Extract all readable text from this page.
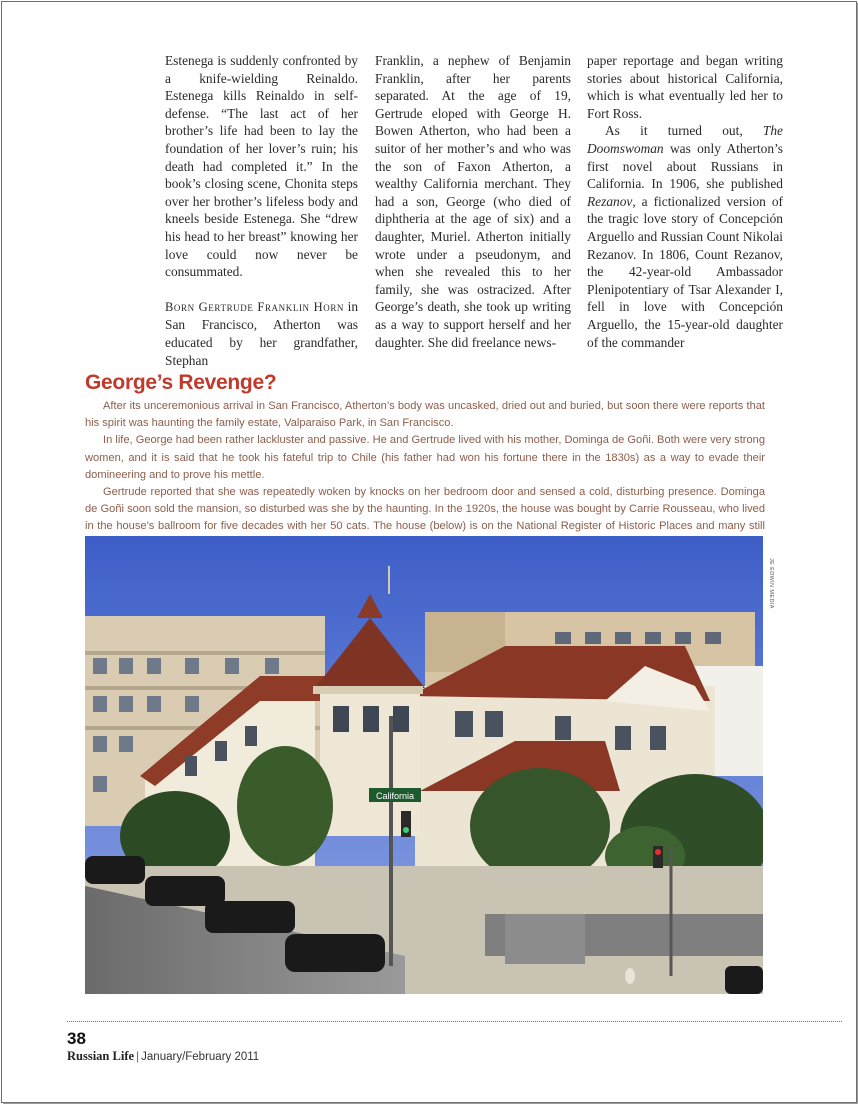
Estenega is suddenly confronted by a knife-wielding Reinaldo. Estenega kills Reinaldo in self-defense. “The last act of her brother’s life had been to lay the foundation of her lover’s ruin; his death had completed it.” In the book’s closing scene, Chonita steps over her brother’s lifeless body and kneels beside Estenega. She “drew his head to her breast” knowing her love could now never be consummated.

Born Gertrude Franklin Horn in San Francisco, Atherton was educated by her grandfather, Stephan

Franklin, a nephew of Benjamin Franklin, after her parents separated. At the age of 19, Gertrude eloped with George H. Bowen Atherton, who had been a suitor of her mother’s and who was the son of Faxon Atherton, a wealthy California merchant. They had a son, George (who died of diphtheria at the age of six) and a daughter, Muriel. Atherton initially wrote under a pseudonym, and when she revealed this to her family, she was ostracized. After George’s death, she took up writing as a way to support herself and her daughter. She did freelance news-

paper reportage and began writing stories about historical California, which is what eventually led her to Fort Ross.

As it turned out, The Doomswoman was only Atherton’s first novel about Russians in California. In 1906, she published Rezanov, a fictionalized version of the tragic love story of Concepción Arguello and Russian Count Nikolai Rezanov. In 1806, Count Rezanov, the 42-year-old Ambassador Plenipotentiary of Tsar Alexander I, fell in love with Concepción Arguello, the 15-year-old daughter of the commander

George’s Revenge?

After its unceremonious arrival in San Francisco, Atherton’s body was uncasked, dried out and buried, but soon there were reports that his spirit was haunting the family estate, Valparaiso Park, in San Francisco.

In life, George had been rather lackluster and passive. He and Gertrude lived with his mother, Dominga de Goñi. Both were very strong women, and it is said that he took his fateful trip to Chile (his father had won his fortune there in the 1830s) as a way to evade their domineering and to prove his mettle.

Gertrude reported that she was repeatedly woken by knocks on her bedroom door and sensed a cold, disturbing presence. Dominga de Goñi soon sold the mansion, so disturbed was she by the haunting. In the 1920s, the house was bought by Carrie Rousseau, who lived in the house’s ballroom for five decades with her 50 cats. The house (below) is on the National Register of Historic Places and many still

California
JE EDWIN MEDIA
38
Russian Life | January/February 2011
